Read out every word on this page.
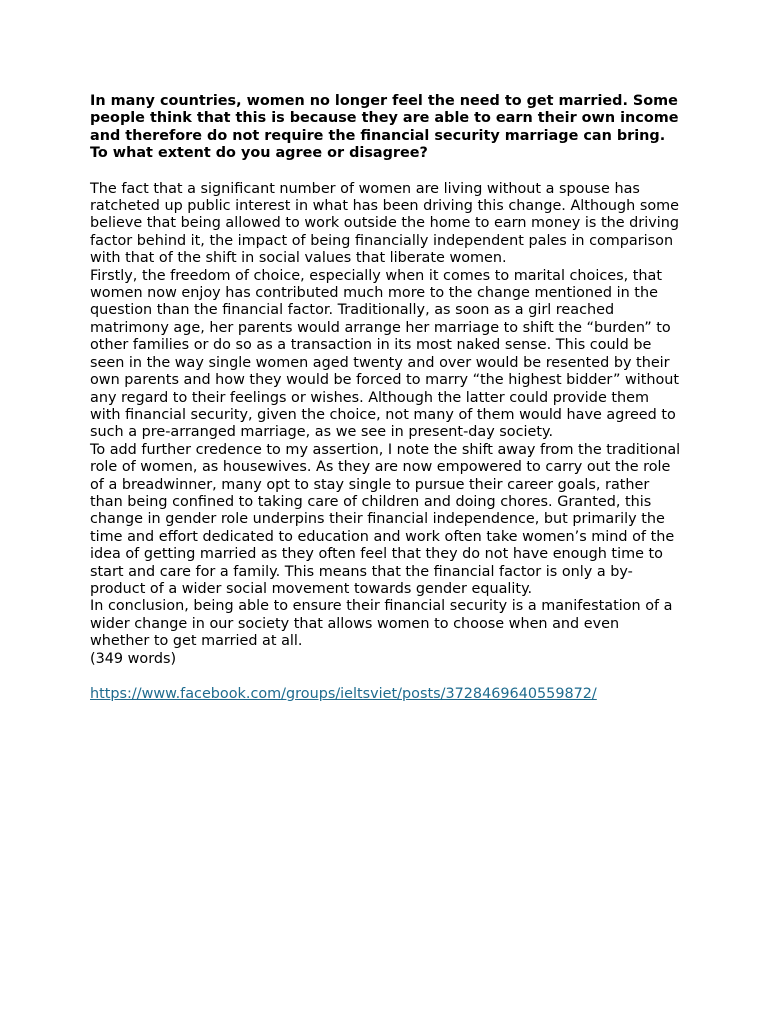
In many countries, women no longer feel the need to get married. Some people think that this is because they are able to earn their own income and therefore do not require the financial security marriage can bring. To what extent do you agree or disagree?

The fact that a significant number of women are living without a spouse has ratcheted up public interest in what has been driving this change. Although some believe that being allowed to work outside the home to earn money is the driving factor behind it, the impact of being financially independent pales in comparison with that of the shift in social values that liberate women.

Firstly, the freedom of choice, especially when it comes to marital choices, that women now enjoy has contributed much more to the change mentioned in the question than the financial factor. Traditionally, as soon as a girl reached matrimony age, her parents would arrange her marriage to shift the “burden” to other families or do so as a transaction in its most naked sense. This could be seen in the way single women aged twenty and over would be resented by their own parents and how they would be forced to marry “the highest bidder” without any regard to their feelings or wishes. Although the latter could provide them with financial security, given the choice, not many of them would have agreed to such a pre-arranged marriage, as we see in present-day society.

To add further credence to my assertion, I note the shift away from the traditional role of women, as housewives. As they are now empowered to carry out the role of a breadwinner, many opt to stay single to pursue their career goals, rather than being confined to taking care of children and doing chores. Granted, this change in gender role underpins their financial independence, but primarily the time and effort dedicated to education and work often take women’s mind of the idea of getting married as they often feel that they do not have enough time to start and care for a family. This means that the financial factor is only a by-product of a wider social movement towards gender equality.

In conclusion, being able to ensure their financial security is a manifestation of a wider change in our society that allows women to choose when and even whether to get married at all.

(349 words)

https://www.facebook.com/groups/ieltsviet/posts/3728469640559872/
